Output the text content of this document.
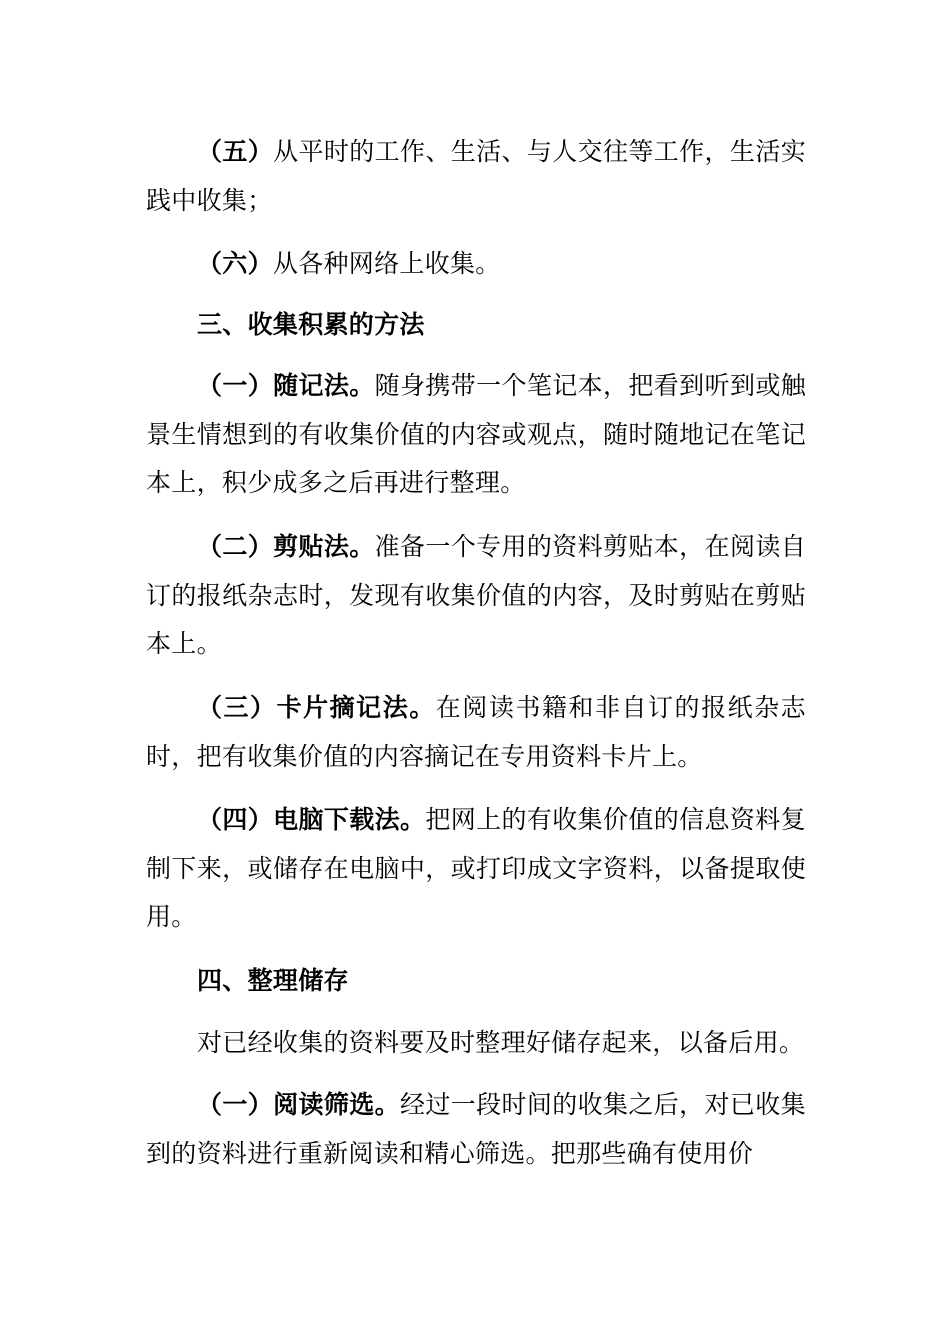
（五）从平时的工作、生活、与人交往等工作，生活实践中收集；

（六）从各种网络上收集。

三、收集积累的方法

（一）随记法。随身携带一个笔记本，把看到听到或触景生情想到的有收集价值的内容或观点，随时随地记在笔记本上，积少成多之后再进行整理。

（二）剪贴法。准备一个专用的资料剪贴本，在阅读自订的报纸杂志时，发现有收集价值的内容，及时剪贴在剪贴本上。

（三）卡片摘记法。在阅读书籍和非自订的报纸杂志时，把有收集价值的内容摘记在专用资料卡片上。

（四）电脑下载法。把网上的有收集价值的信息资料复制下来，或储存在电脑中，或打印成文字资料，以备提取使用。

四、整理储存

对已经收集的资料要及时整理好储存起来，以备后用。

（一）阅读筛选。经过一段时间的收集之后，对已收集到的资料进行重新阅读和精心筛选。把那些确有使用价
